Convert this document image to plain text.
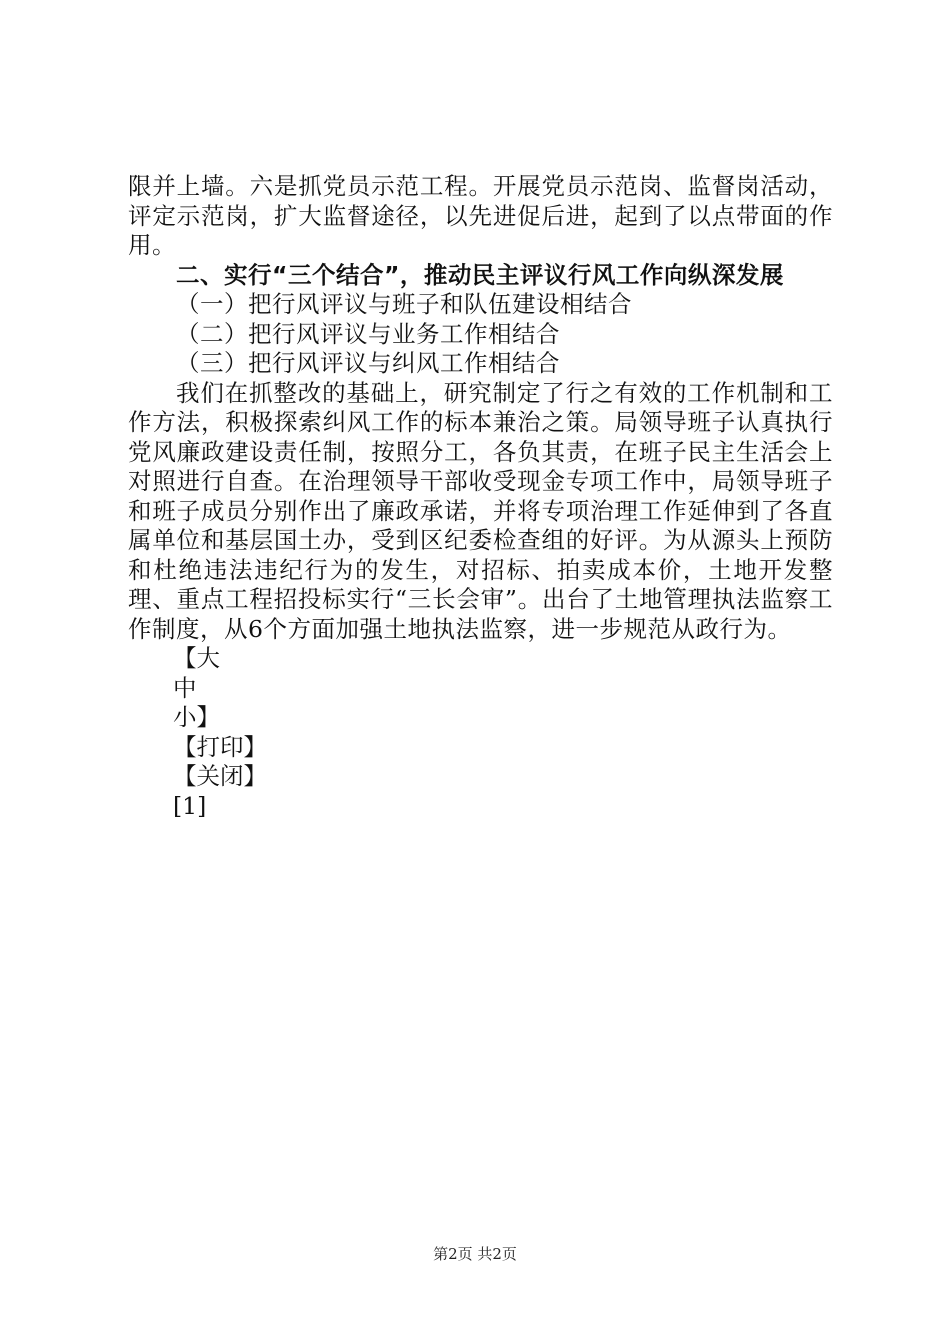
限并上墙。六是抓党员示范工程。开展党员示范岗、监督岗活动，评定示范岗，扩大监督途径，以先进促后进，起到了以点带面的作用。

二、实行“三个结合”，推动民主评议行风工作向纵深发展

（一）把行风评议与班子和队伍建设相结合

（二）把行风评议与业务工作相结合

（三）把行风评议与纠风工作相结合

我们在抓整改的基础上，研究制定了行之有效的工作机制和工作方法，积极探索纠风工作的标本兼治之策。局领导班子认真执行党风廉政建设责任制，按照分工，各负其责，在班子民主生活会上对照进行自查。在治理领导干部收受现金专项工作中，局领导班子和班子成员分别作出了廉政承诺，并将专项治理工作延伸到了各直属单位和基层国土办，受到区纪委检查组的好评。为从源头上预防和杜绝违法违纪行为的发生，对招标、拍卖成本价，土地开发整理、重点工程招投标实行“三长会审”。出台了土地管理执法监察工作制度，从6个方面加强土地执法监察，进一步规范从政行为。

【大

中

小】

【打印】

【关闭】

[1]

第2页 共2页
